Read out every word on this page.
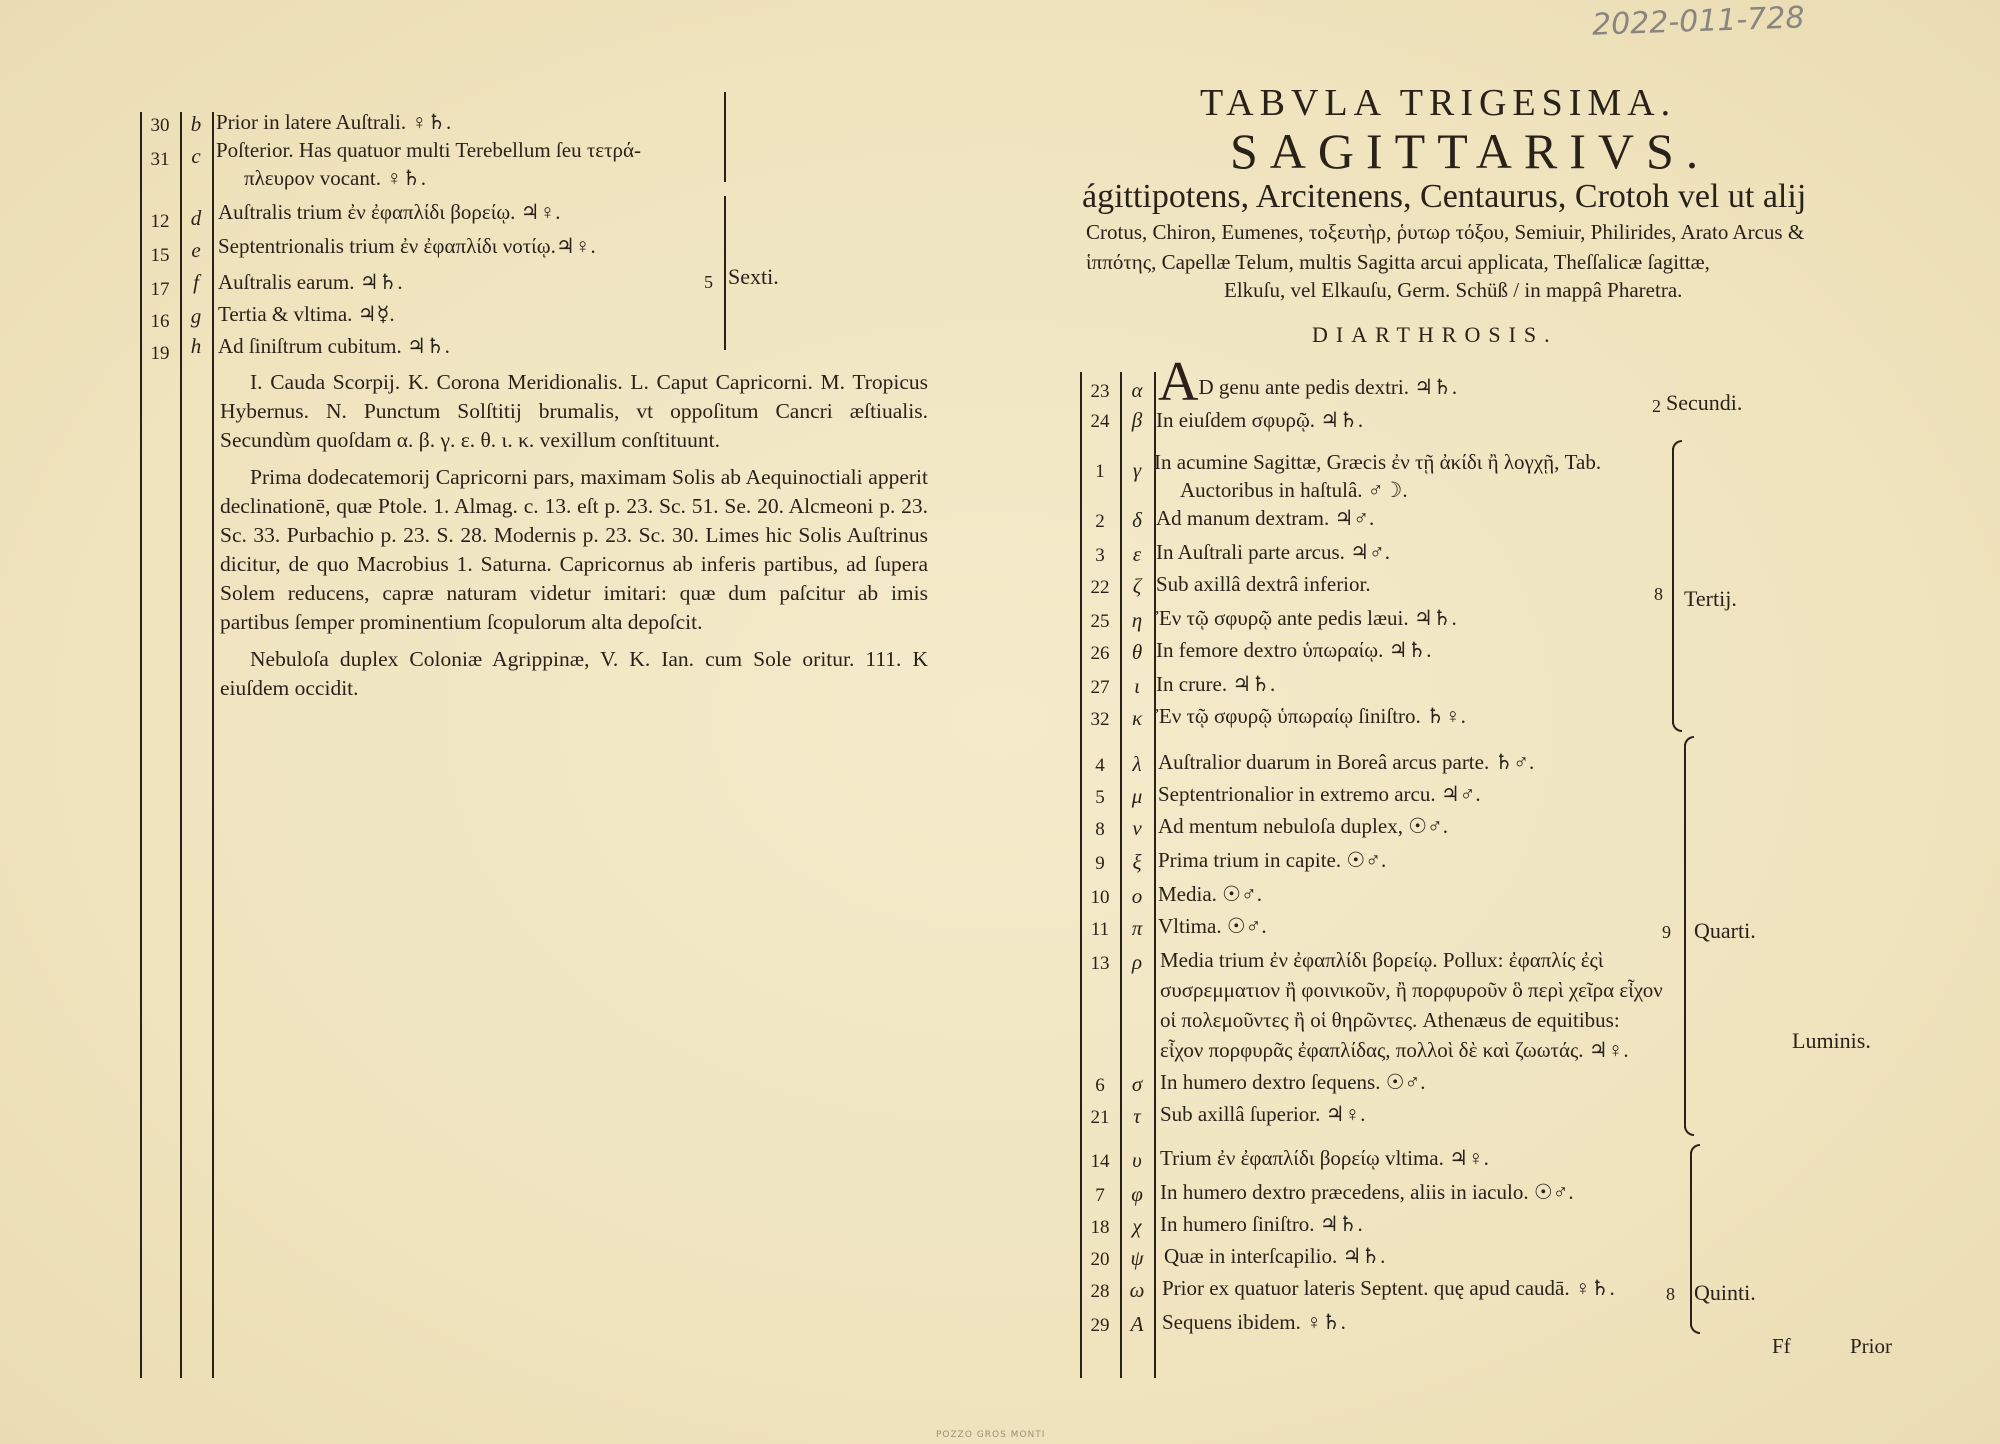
2022-011-728
30	b Prior in latere Auſtrali. ♀♄.
31	c Poſterior. Has quatuor multi Terebellum ſeu τετρά-
πλευρον vocant. ♀♄.
12	d Auſtralis trium ἐν ἐφαπλίδι βορείῳ. ♃♀.
15	e Septentrionalis trium ἐν ἐφαπλίδι νοτίῳ.♃♀.
17	f Auſtralis earum. ♃♄.
16	g Tertia & vltima. ♃☿.
19	h Ad ſiniſtrum cubitum. ♃♄.
5 Sexti.

I. Cauda Scorpij. K. Corona Meridionalis. L. Caput Capricorni. M. Tropicus Hybernus. N. Punctum Solſtitij brumalis, vt oppoſitum Cancri æſtiualis. Secundùm quoſdam α. β. γ. ε. θ. ι. κ. vexillum conſtituunt.

Prima dodecatemorij Capricorni pars, maximam Solis ab Aequinoctiali apperit declinationē, quæ Ptole. 1. Almag. c. 13. eſt p. 23. Sc. 51. Se. 20. Alcmeoni p. 23. Sc. 33. Purbachio p. 23. S. 28. Modernis p. 23. Sc. 30. Limes hic Solis Auſtrinus dicitur, de quo Macrobius 1. Saturna. Capricornus ab inferis partibus, ad ſupera Solem reducens, capræ naturam videtur imitari: quæ dum paſcitur ab imis partibus ſemper prominentium ſcopulorum alta depoſcit.

Nebuloſa duplex Coloniæ Agrippinæ, V. K. Ian. cum Sole oritur. 111. K eiuſdem occidit.

TABVLA TRIGESIMA.
SAGITTARIVS.
ágittipotens, Arcitenens, Centaurus, Crotoh vel ut alij
Crotus, Chiron, Eumenes, τοξευτὴρ, ῥυτωρ τόξου, Semiuir, Philirides, Arato Arcus &
ἱππότης, Capellæ Telum, multis Sagitta arcui applicata, Theſſalicæ ſagittæ,
Elkuſu, vel Elkauſu, Germ. Schüß / in mappâ Pharetra.
DIARTHROSIS.
23	α AD genu ante pedis dextri. ♃♄.
24	β In eiuſdem σφυρῷ. ♃♄.
1	γ In acumine Sagittæ, Græcis ἐν τῇ ἀκίδι ἢ λογχῇ, Tab.
Auctoribus in haſtulâ. ♂☽.
2	δ Ad manum dextram. ♃♂.
3	ε In Auſtrali parte arcus. ♃♂.
22	ζ Sub axillâ dextrâ inferior.
25	η Ἐν τῷ σφυρῷ ante pedis læui. ♃♄.
26	θ In femore dextro ὑπωραίῳ. ♃♄.
27	ι In crure. ♃♄.
32	κ Ἐν τῷ σφυρῷ ὑπωραίῳ ſiniſtro. ♄♀.
4	λ Auſtralior duarum in Boreâ arcus parte. ♄♂.
5	μ Septentrionalior in extremo arcu. ♃♂.
8	ν Ad mentum nebuloſa duplex, ☉♂.
9	ξ Prima trium in capite. ☉♂.
10	ο Media. ☉♂.
11	π Vltima. ☉♂.
13	ρ Media trium ἐν ἐφαπλίδι βορείῳ. Pollux: ἐφαπλίς ἐςὶ
συσρεμματιον ἢ φοινικοῦν, ἢ πορφυροῦν ὃ περὶ χεῖρα εἶχον
οἱ πολεμοῦντες ἢ οἱ θηρῶντες. Athenæus de equitibus:
εἶχον πορφυρᾶς ἐφαπλίδας, πολλοὶ δὲ καὶ ζωωτάς. ♃♀.
6	σ In humero dextro ſequens. ☉♂.
21	τ Sub axillâ ſuperior. ♃♀.
14	υ Trium ἐν ἐφαπλίδι βορείῳ vltima. ♃♀.
7	φ In humero dextro præcedens, aliis in iaculo. ☉♂.
18	χ In humero ſiniſtro. ♃♄.
20 ψ Quæ in interſcapilio. ♃♄.
28 ω Prior ex quatuor lateris Septent. quę apud caudā. ♀♄.
29	A Sequens ibidem. ♀♄.
2 Secundi.
8 Tertij.
9 Quarti.
Luminis.
8 Quinti.
Ff	Prior
POZZO GROS MONTI
